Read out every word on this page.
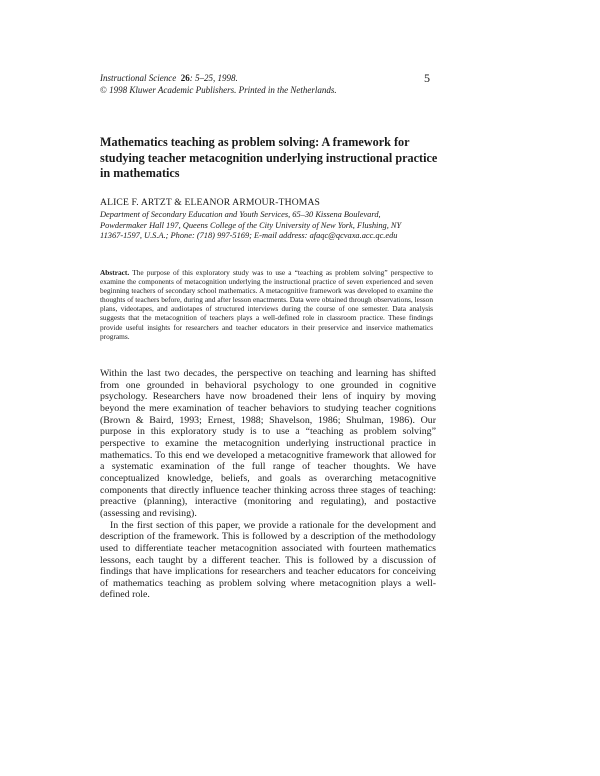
Instructional Science 26: 5–25, 1998.
© 1998 Kluwer Academic Publishers. Printed in the Netherlands.
5
Mathematics teaching as problem solving: A framework for studying teacher metacognition underlying instructional practice in mathematics
ALICE F. ARTZT & ELEANOR ARMOUR-THOMAS

Department of Secondary Education and Youth Services, 65–30 Kissena Boulevard,

Powdermaker Hall 197, Queens College of the City University of New York, Flushing, NY

11367-1597, U.S.A.; Phone: (718) 997-5169; E-mail address: afaqc@qcvaxa.acc.qc.edu

Abstract. The purpose of this exploratory study was to use a “teaching as problem solving” perspective to examine the components of metacognition underlying the instructional practice of seven experienced and seven beginning teachers of secondary school mathematics. A metacognitive framework was developed to examine the thoughts of teachers before, during and after lesson enactments. Data were obtained through observations, lesson plans, videotapes, and audiotapes of structured interviews during the course of one semester. Data analysis suggests that the metacognition of teachers plays a well-defined role in classroom practice. These findings provide useful insights for researchers and teacher educators in their preservice and inservice mathematics programs.

Within the last two decades, the perspective on teaching and learning has shifted from one grounded in behavioral psychology to one grounded in cognitive psychology. Researchers have now broadened their lens of inquiry by moving beyond the mere examination of teacher behaviors to studying teacher cognitions (Brown & Baird, 1993; Ernest, 1988; Shavelson, 1986; Shulman, 1986). Our purpose in this exploratory study is to use a “teaching as problem solving” perspective to examine the metacognition underlying instructional practice in mathematics. To this end we developed a metacognitive framework that allowed for a systematic examination of the full range of teacher thoughts. We have conceptualized knowledge, beliefs, and goals as overarching metacognitive components that directly influence teacher thinking across three stages of teaching: preactive (planning), interactive (monitoring and regulating), and postactive (assessing and revising).

In the first section of this paper, we provide a rationale for the development and description of the framework. This is followed by a description of the methodology used to differentiate teacher metacognition associated with fourteen mathematics lessons, each taught by a different teacher. This is followed by a discussion of findings that have implications for researchers and teacher educators for conceiving of mathematics teaching as problem solving where metacognition plays a well-defined role.
